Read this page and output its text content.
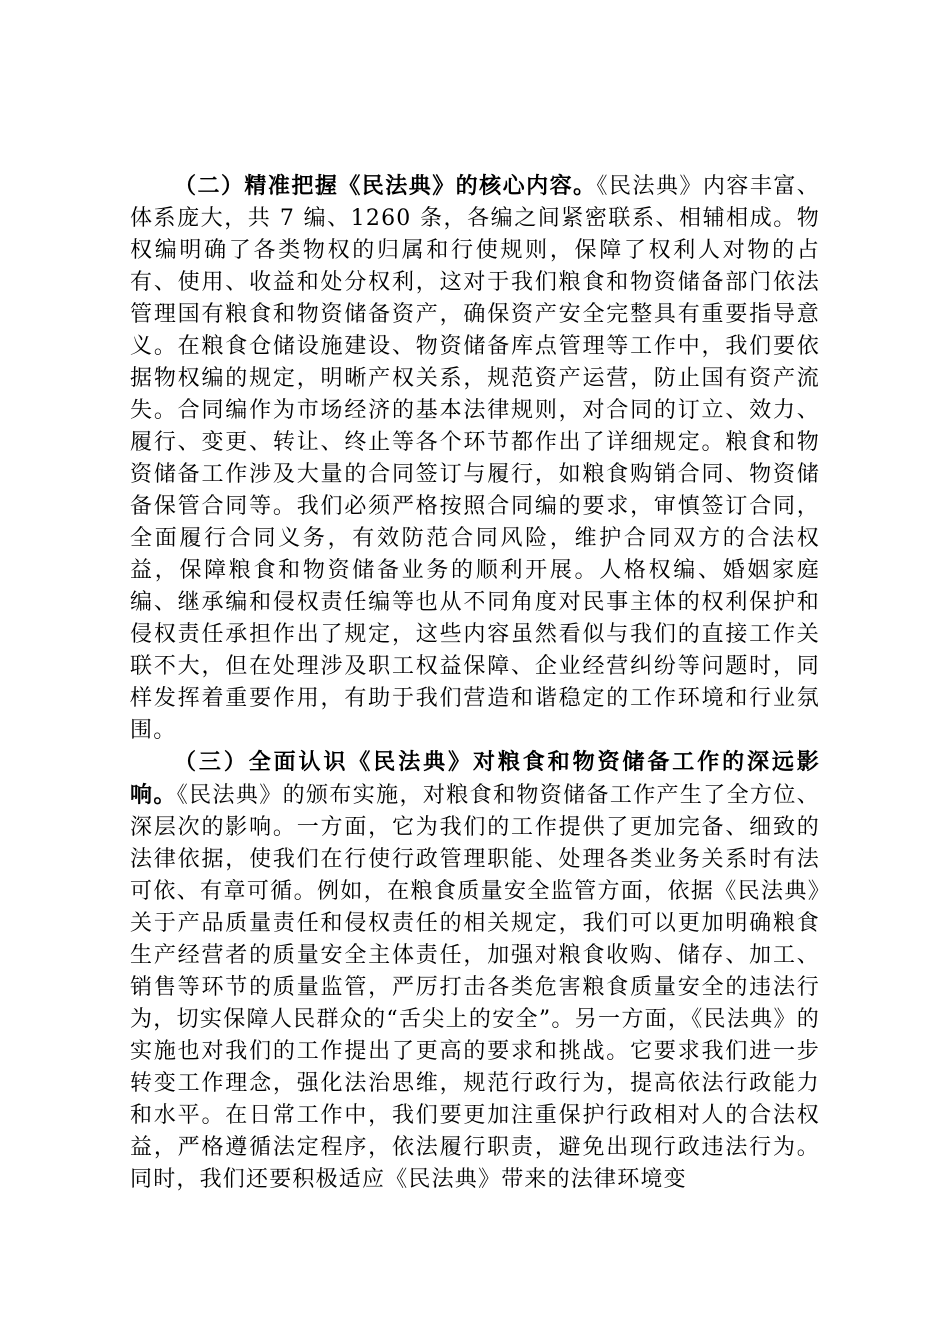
（二）精准把握《民法典》的核心内容。《民法典》内容丰富、体系庞大，共 7 编、1260 条，各编之间紧密联系、相辅相成。物权编明确了各类物权的归属和行使规则，保障了权利人对物的占有、使用、收益和处分权利，这对于我们粮食和物资储备部门依法管理国有粮食和物资储备资产，确保资产安全完整具有重要指导意义。在粮食仓储设施建设、物资储备库点管理等工作中，我们要依据物权编的规定，明晰产权关系，规范资产运营，防止国有资产流失。合同编作为市场经济的基本法律规则，对合同的订立、效力、履行、变更、转让、终止等各个环节都作出了详细规定。粮食和物资储备工作涉及大量的合同签订与履行，如粮食购销合同、物资储备保管合同等。我们必须严格按照合同编的要求，审慎签订合同，全面履行合同义务，有效防范合同风险，维护合同双方的合法权益，保障粮食和物资储备业务的顺利开展。人格权编、婚姻家庭编、继承编和侵权责任编等也从不同角度对民事主体的权利保护和侵权责任承担作出了规定，这些内容虽然看似与我们的直接工作关联不大，但在处理涉及职工权益保障、企业经营纠纷等问题时，同样发挥着重要作用，有助于我们营造和谐稳定的工作环境和行业氛围。

（三）全面认识《民法典》对粮食和物资储备工作的深远影响。《民法典》的颁布实施，对粮食和物资储备工作产生了全方位、深层次的影响。一方面，它为我们的工作提供了更加完备、细致的法律依据，使我们在行使行政管理职能、处理各类业务关系时有法可依、有章可循。例如，在粮食质量安全监管方面，依据《民法典》关于产品质量责任和侵权责任的相关规定，我们可以更加明确粮食生产经营者的质量安全主体责任，加强对粮食收购、储存、加工、销售等环节的质量监管，严厉打击各类危害粮食质量安全的违法行为，切实保障人民群众的“舌尖上的安全”。另一方面，《民法典》的实施也对我们的工作提出了更高的要求和挑战。它要求我们进一步转变工作理念，强化法治思维，规范行政行为，提高依法行政能力和水平。在日常工作中，我们要更加注重保护行政相对人的合法权益，严格遵循法定程序，依法履行职责，避免出现行政违法行为。同时，我们还要积极适应《民法典》带来的法律环境变
